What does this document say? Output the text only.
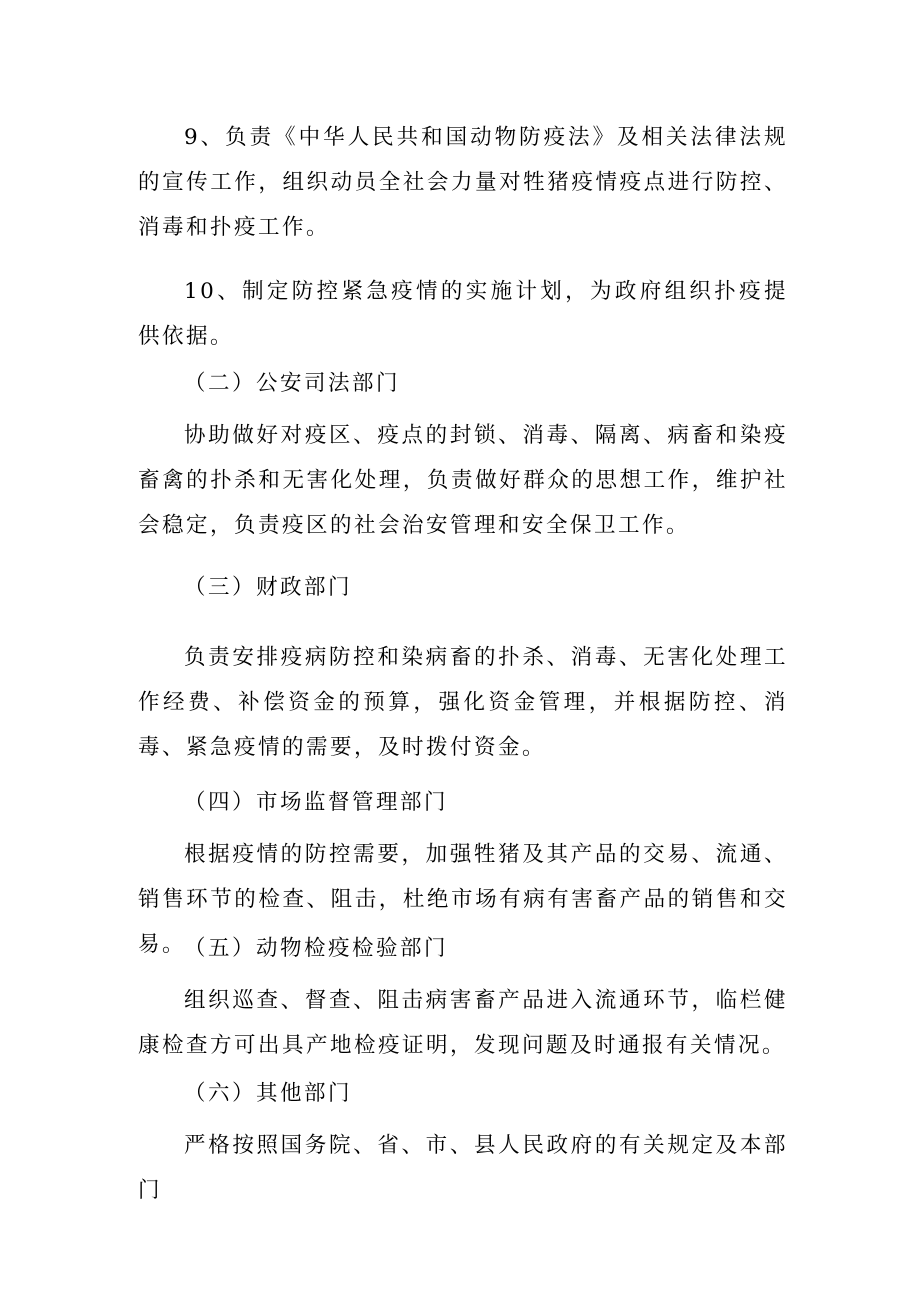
9、负责《中华人民共和国动物防疫法》及相关法律法规的宣传工作，组织动员全社会力量对牲猪疫情疫点进行防控、消毒和扑疫工作。

10、制定防控紧急疫情的实施计划，为政府组织扑疫提供依据。

（二）公安司法部门

协助做好对疫区、疫点的封锁、消毒、隔离、病畜和染疫畜禽的扑杀和无害化处理，负责做好群众的思想工作，维护社会稳定，负责疫区的社会治安管理和安全保卫工作。

（三）财政部门

负责安排疫病防控和染病畜的扑杀、消毒、无害化处理工作经费、补偿资金的预算，强化资金管理，并根据防控、消毒、紧急疫情的需要，及时拨付资金。

（四）市场监督管理部门

根据疫情的防控需要，加强牲猪及其产品的交易、流通、销售环节的检查、阻击，杜绝市场有病有害畜产品的销售和交易。

（五）动物检疫检验部门

组织巡查、督查、阻击病害畜产品进入流通环节，临栏健康检查方可出具产地检疫证明，发现问题及时通报有关情况。

（六）其他部门

严格按照国务院、省、市、县人民政府的有关规定及本部门
